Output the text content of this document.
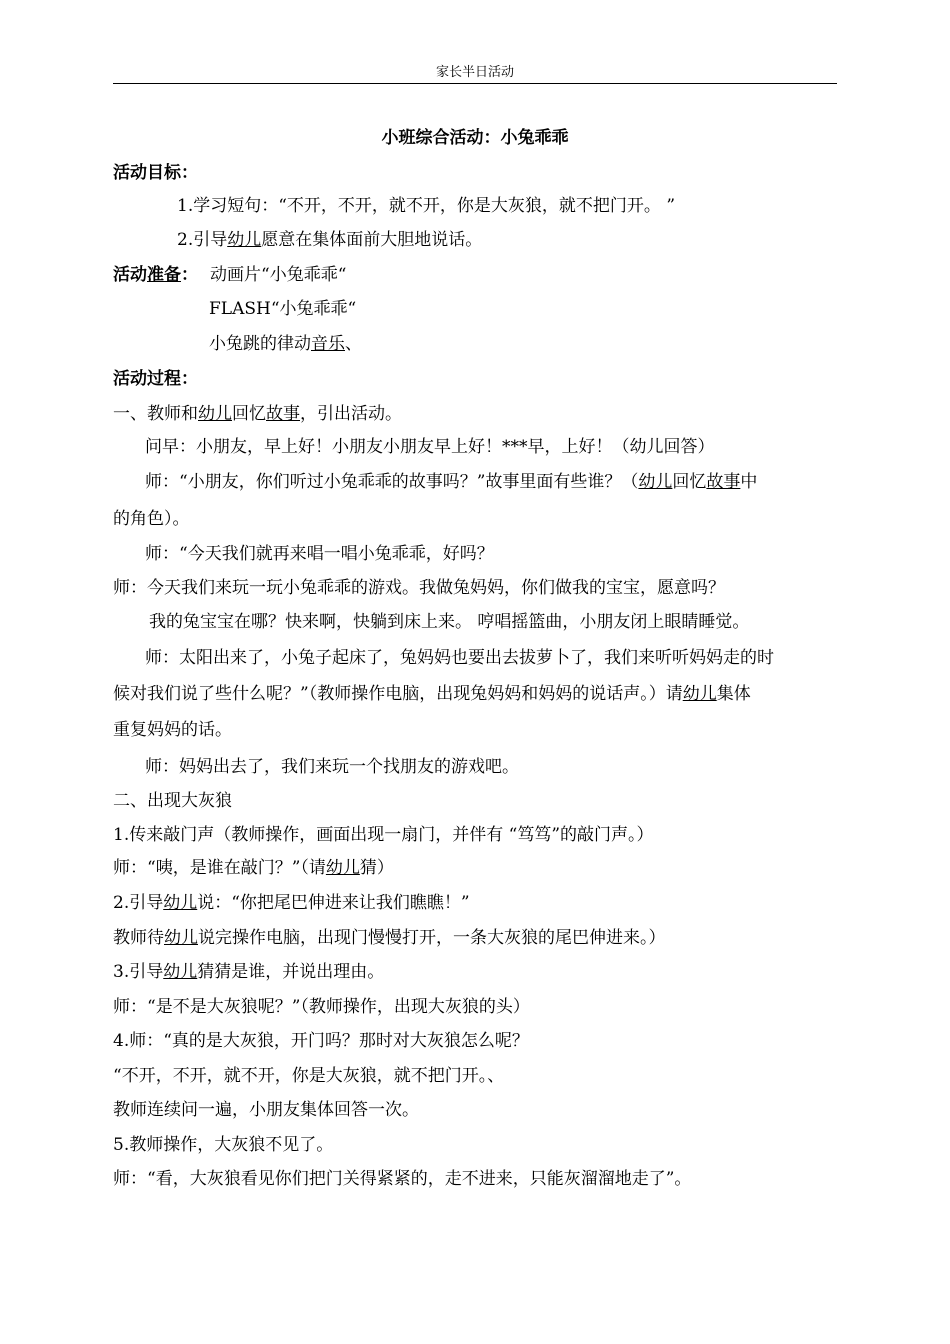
家长半日活动
小班综合活动：小兔乖乖
活动目标：
1.学习短句：“不开，不开，就不开，你是大灰狼，就不把门开。 ”
2.引导幼儿愿意在集体面前大胆地说话。
活动准备： 动画片“小兔乖乖“
FLASH“小兔乖乖“
小兔跳的律动音乐、
活动过程：
一、教师和幼儿回忆故事，引出活动。
问早：小朋友，早上好！小朋友小朋友早上好！***早，上好！（幼儿回答）
师：“小朋友，你们听过小兔乖乖的故事吗？”故事里面有些谁？（幼儿回忆故事中
的角色）。
师：“今天我们就再来唱一唱小兔乖乖，好吗？
师：今天我们来玩一玩小兔乖乖的游戏。我做兔妈妈，你们做我的宝宝，愿意吗？
我的兔宝宝在哪？快来啊，快躺到床上来。 哼唱摇篮曲，小朋友闭上眼睛睡觉。
师：太阳出来了，小兔子起床了，兔妈妈也要出去拔萝卜了，我们来听听妈妈走的时
候对我们说了些什么呢？”（教师操作电脑，出现兔妈妈和妈妈的说话声。）请幼儿集体
重复妈妈的话。
师：妈妈出去了，我们来玩一个找朋友的游戏吧。
二、出现大灰狼
1.传来敲门声（教师操作，画面出现一扇门，并伴有 “笃笃”的敲门声。）
师：“咦，是谁在敲门？”（请幼儿猜）
2.引导幼儿说：“你把尾巴伸进来让我们瞧瞧！”
教师待幼儿说完操作电脑，出现门慢慢打开，一条大灰狼的尾巴伸进来。）
3.引导幼儿猜猜是谁，并说出理由。
师：“是不是大灰狼呢？”（教师操作，出现大灰狼的头）
4.师：“真的是大灰狼，开门吗？那时对大灰狼怎么呢？
“不开，不开，就不开，你是大灰狼，就不把门开。、
教师连续问一遍，小朋友集体回答一次。
5.教师操作，大灰狼不见了。
师：“看，大灰狼看见你们把门关得紧紧的，走不进来，只能灰溜溜地走了”。
